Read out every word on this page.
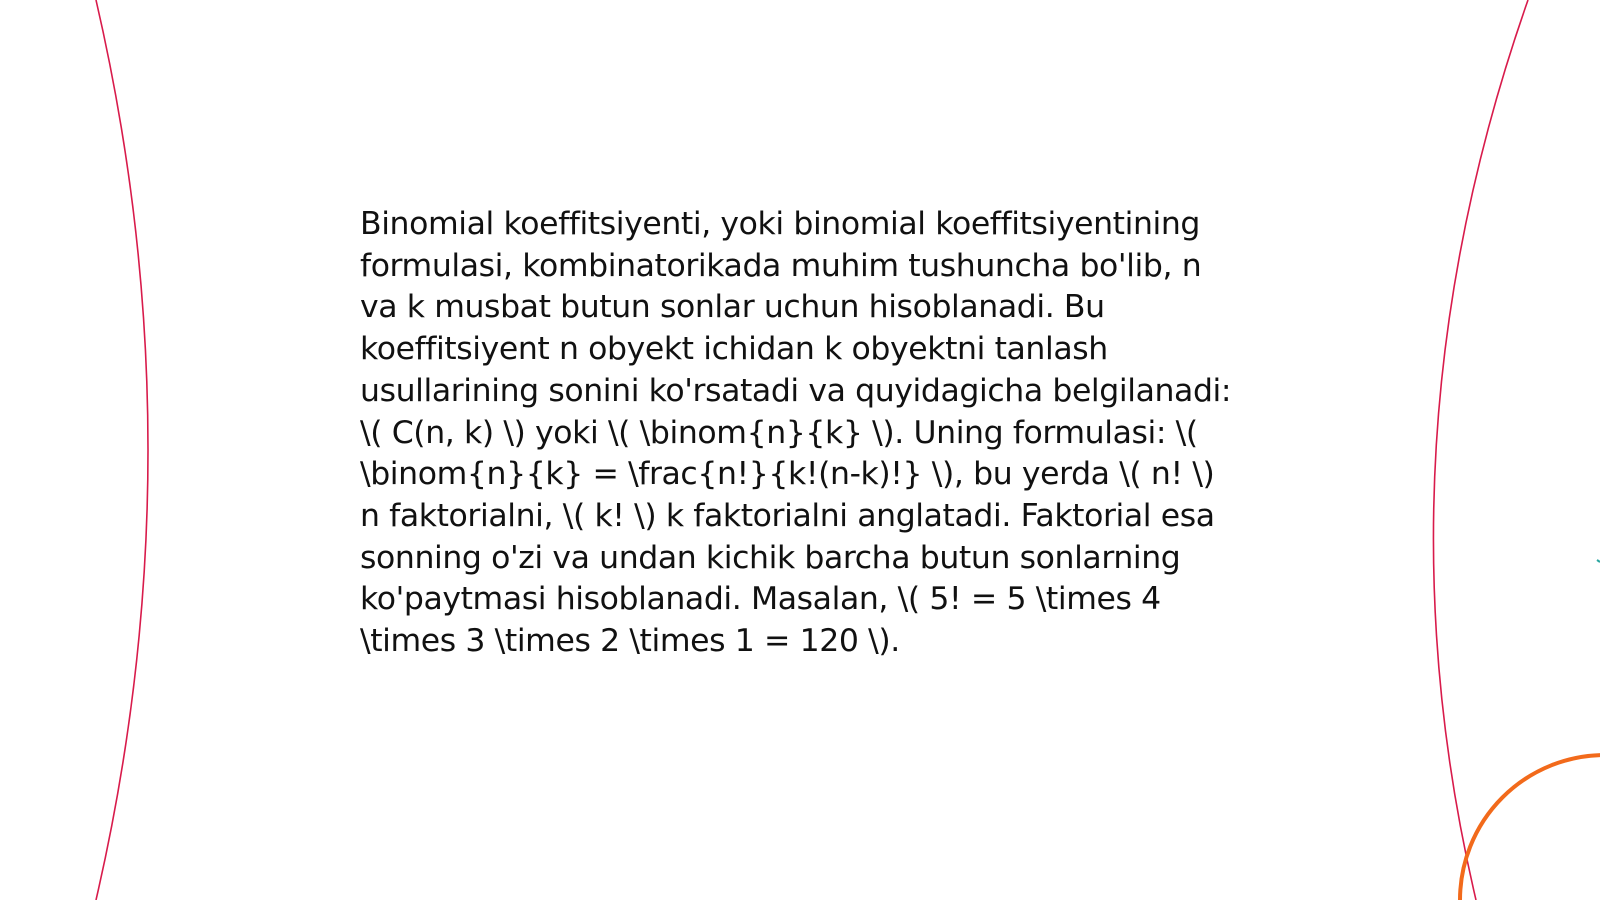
Binomial koeffitsiyenti, yoki binomial koeffitsiyentining formulasi, kombinatorikada muhim tushuncha bo'lib, n va k musbat butun sonlar uchun hisoblanadi. Bu koeffitsiyent n obyekt ichidan k obyektni tanlash usullarining sonini ko'rsatadi va quyidagicha belgilanadi: \( C(n, k) \) yoki \( \binom{n}{k} \). Uning formulasi: \( \binom{n}{k} = \frac{n!}{k!(n-k)!} \), bu yerda \( n! \) n faktorialni, \( k! \) k faktorialni anglatadi. Faktorial esa sonning o'zi va undan kichik barcha butun sonlarning ko'paytmasi hisoblanadi. Masalan, \( 5! = 5 \times 4 \times 3 \times 2 \times 1 = 120 \).
